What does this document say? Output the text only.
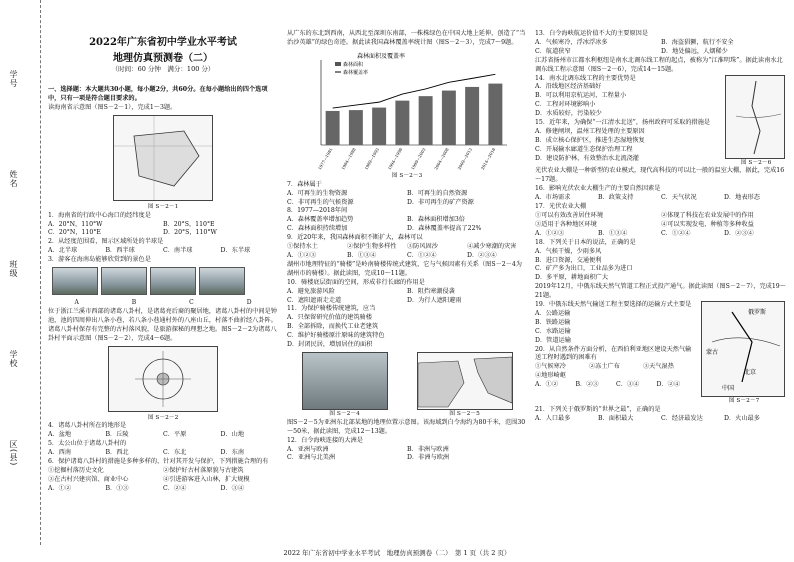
学号
姓名
班级
学校
区(县)
2022年广东省初中学业水平考试
地理仿真预测卷（二）
（时间：60 分钟　满分：100 分）

一、选择题：本大题共30小题，每小题2分，共60分。在每小题给出的四个选项中，只有一项是符合题目要求的。

读海南省示意图（图S－2－1），完成1～3题。

图 S－2－1

1．海南省的行政中心海口的经纬度是

A．20°N，110°W	B．20°S，110°E
C．20°N，110°E	D．20°S，110°W

2．从经度范围看，图示区域所处的半球是

A．北半球	B．西半球	C．南半球	D．东半球

3．游客在海南岛能够欣赏到的景色是

A	B	C	D

位于浙江兰溪市西部的诸葛八卦村，是诸葛亮后裔的聚居地，诸葛八卦村的中间是钟池，池的四周伸出八条小巷，若八条小巷通村外的八座山丘，村落不曲折经八卦阵。诸葛八卦村保存有完整的古村落风貌，是旅游探秘的理想之地。图S－2－2为诸葛八卦村平面示意图（图S－2－2），完成4～6题。

图 S－2－2

4．诸葛八卦村所在的地形是

A．盆地	B．丘陵	C．平原	D．山地

5．太公山位于诸葛八卦村的

A．西南	B．西北	C．东北	D．东南

6．保护诸葛八卦村的措施是多种多样的，针对其开发与保护，下列措施合理的有

①挖掘村落历史文化	②保护好古村落原貌与古建筑
③在古村兴建宾馆、商业中心	④引进游客进入山林，扩大规模
A．①②	B．①③	C．②④	D．③④

从广东的东北到西南，从西北至深圳东南部，一株株绿色在中国大地上延伸，创造了“当治沙英雄”的绿色奇迹。据此读我国森林覆盖率统计图（图S－2－3），完成7～9题。

森林面积及覆盖率
森林面积
森林覆盖率
1977—1981 1984—1988 1989—1993 1994—1998 1999—2003 2004—2008 2009—2013 2014—2018
图 S－2－3

7．森林属于

A．可再生的生物资源	B．可再生的自然资源
C．非可再生的气候资源	D．非可再生的矿产资源

8．1977—2018年间

A．森林覆盖率增加趋势	B．森林面积增加3倍
C．森林面积持续增加	D．森林覆盖率提高了22%

9．近20年来，我国森林面积不断扩大，森林可以

①保持水土	②保护生物多样性	③防风固沙	④减少寒潮的灾害
A．①②③	B．①③④	C．①②④	D．②③④

湖州市地理特征的“骑楼”是岭南骑楼传统式建筑，它与气候因素有关系（图S－2－4为湖州市的骑楼）。据此读图，完成10～11题。

10．骑楼底层街面的空间，形成非行长廊的作用是

A．避免旅游风险	B．阻挡寒潮侵袭
C．遮阳遮雨走走道	D．为行人遮阳避雨

11．为保护骑楼传统建筑，应当

A．只保留研究价值的建筑骑楼
B．全部拆除，而换代工业老建筑
C．维护好骑楼原汁原味的建筑特色
D．封闭民居，增加居住的面积
图 S－2－4	图 S－2－5

图S－2－5为亚洲东北部某地的地理位置示意图。该海域到白令海约为80千米，范围30～50米，据此读图，完成12～13题。

12．白令海峡连接的大洲是

A．亚洲与欧洲	B．非洲与欧洲
C．亚洲与北美洲	D．非洲与欧洲

13．白令海峡航运价值不大的主要原因是

A．气候寒冷，浮冰浮冰多	B．海盗猖獗，航行不安全
C．航道狭窄	D．地处偏远，人烟稀少

江苏省扬州市江都水利枢纽是南水北调东线工程的起点，被称为“江淮明珠”。据此读南水北调东线工程示意图（图S－2－6），完成14～15题。

14．南水北调东线工程的主要优势是

A．沿线地区经济基础好
B．可以利用京杭运河，工程量小
C．工程对环境影响小
D．水质较好，污染较少

15．近年来，为确保“一江清水北送”，扬州政府可采取的措施是

A．修建闸坝，温州工程处理的主要原因
B．成立核心保护区，推进生态湿地恢复
C．开展输水廊道生态保护治理工程
D．建设防护林，有效整治水北流浇灌
图 S－2－6

光伏农业大棚是一种新型的农业模式，现代高科技的可以比一般的温室大棚，据此，完成16～17题。

16．影响光伏农业大棚生产的主要自然因素是

A．市场需求	B．政策支持	C．天气状况	D．地表形态

17．光伏农业大棚

①可以有效改善居住环境	②体现了科技在农业发展中的作用
③适用于各种地区环境	④可以实现发电、种植等多种收益
A．①②③	B．①③④	C．①②④	D．②③④

18．下列关于日本的说法，正确的是

A．气候干燥，少雨多风
B．进口资源，交通便利
C．矿产多为出口，工业品多为进口
D．多平原，耕地面积广大

2019年12月，中俄东线天然气管道工程正式投产通气。据此读图（图S－2－7），完成19～21题。

19．中俄东线天然气输送工程主要选择的运输方式主要是

A．公路运输
B．铁路运输
C．水路运输
D．管道运输

20．从自然条件方面分析，在西伯利亚地区建设天然气输送工程时遇到的困难有

①气候寒冷	②冻土广布	③天气湿热
④地形崎岖
A．①②	B．②③	C．③④	D．②④
俄罗斯
蒙古
北京
中国
图 S－2－7

21．下列关于俄罗斯的“世界之最”，正确的是

A．人口最多	B．面积最大	C．经济最发达	D．火山最多
2022 年广东省初中学业水平考试　地理仿真预测卷（二）　第 1 页（共 2 页）
